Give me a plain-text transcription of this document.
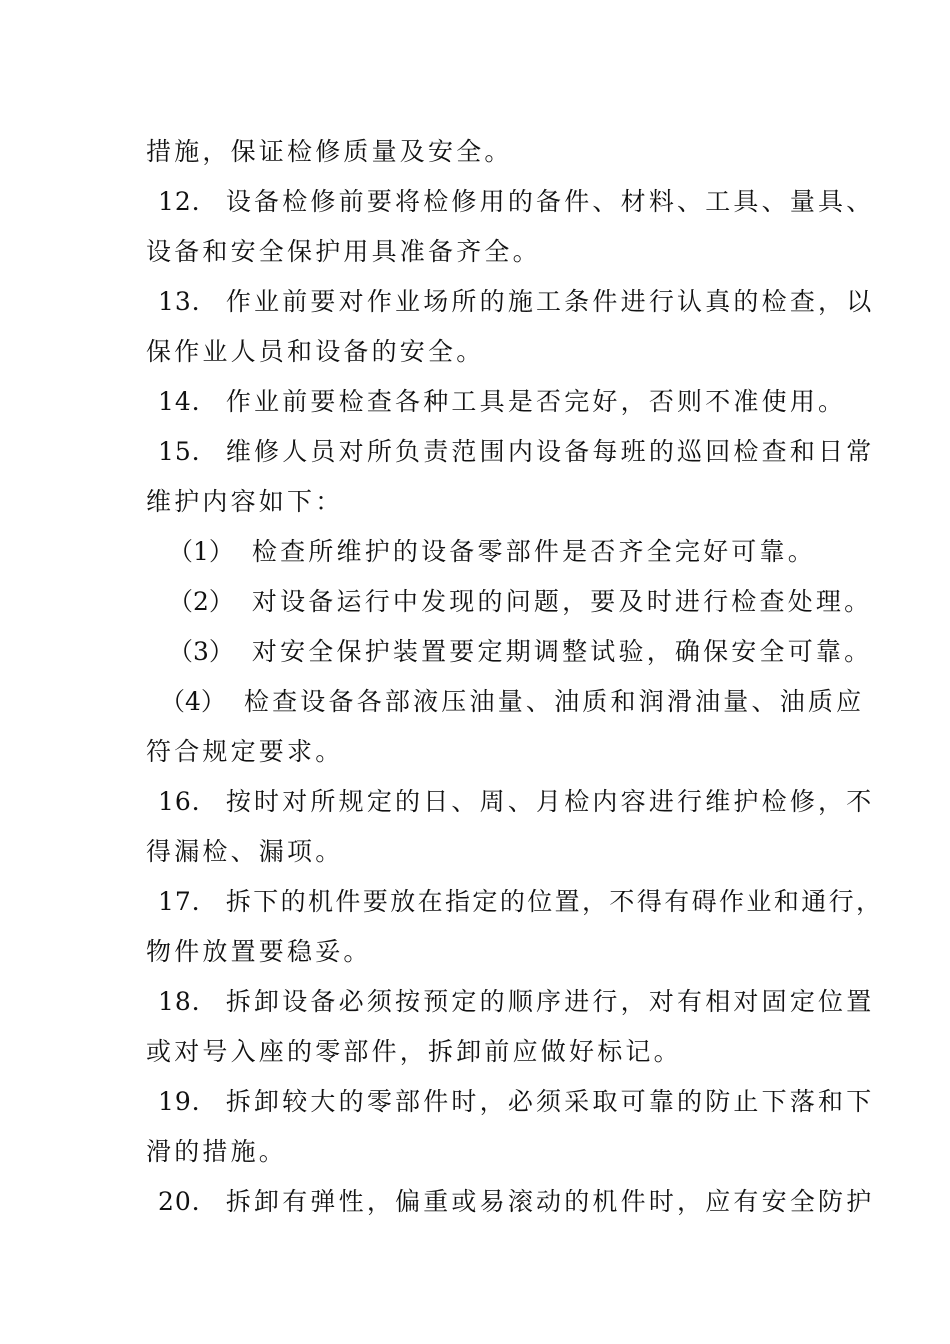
措施，保证检修质量及安全。
12． 设备检修前要将检修用的备件、材料、工具、量具、
设备和安全保护用具准备齐全。
13． 作业前要对作业场所的施工条件进行认真的检查，以
保作业人员和设备的安全。
14． 作业前要检查各种工具是否完好，否则不准使用。
15． 维修人员对所负责范围内设备每班的巡回检查和日常
维护内容如下：
（1） 检查所维护的设备零部件是否齐全完好可靠。
（2） 对设备运行中发现的问题，要及时进行检查处理。
（3） 对安全保护装置要定期调整试验，确保安全可靠。
（4） 检查设备各部液压油量、油质和润滑油量、油质应
符合规定要求。
16． 按时对所规定的日、周、月检内容进行维护检修，不
得漏检、漏项。
17． 拆下的机件要放在指定的位置，不得有碍作业和通行，
物件放置要稳妥。
18． 拆卸设备必须按预定的顺序进行，对有相对固定位置
或对号入座的零部件，拆卸前应做好标记。
19． 拆卸较大的零部件时，必须采取可靠的防止下落和下
滑的措施。
20． 拆卸有弹性，偏重或易滚动的机件时，应有安全防护
